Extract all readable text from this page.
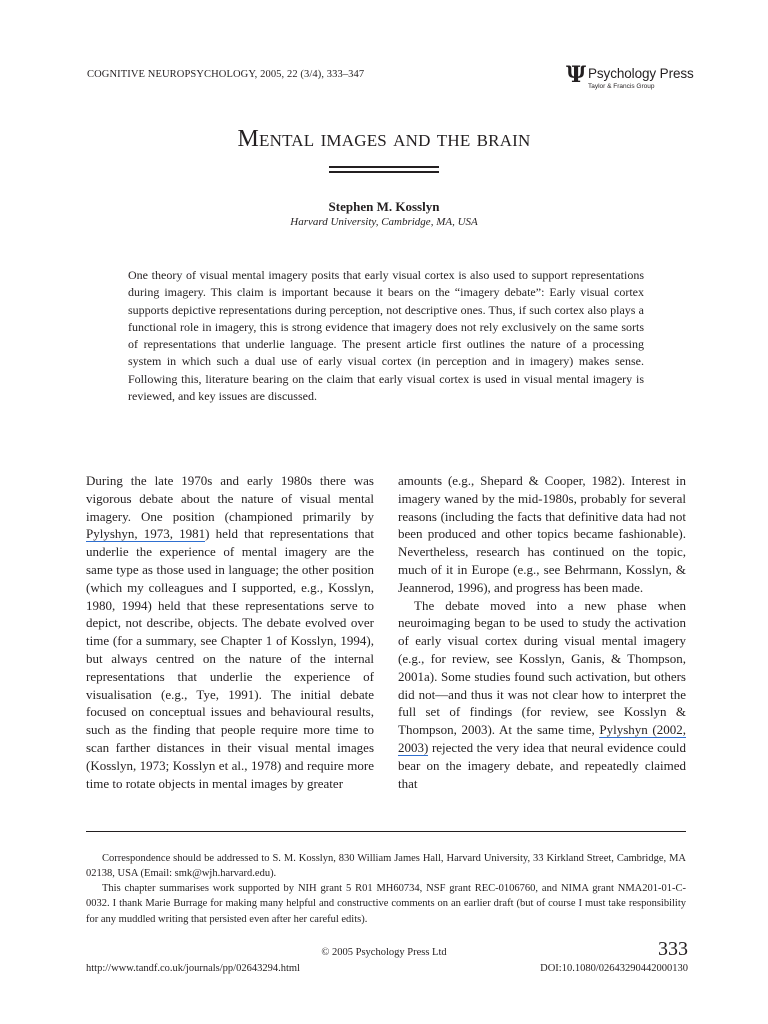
COGNITIVE NEUROPSYCHOLOGY, 2005, 22 (3/4), 333–347	Ψ Psychology Press
Taylor & Francis Group
Mental images and the brain
Stephen M. Kosslyn
Harvard University, Cambridge, MA, USA
One theory of visual mental imagery posits that early visual cortex is also used to support representations during imagery. This claim is important because it bears on the “imagery debate”: Early visual cortex supports depictive representations during perception, not descriptive ones. Thus, if such cortex also plays a functional role in imagery, this is strong evidence that imagery does not rely exclusively on the same sorts of representations that underlie language. The present article first outlines the nature of a processing system in which such a dual use of early visual cortex (in perception and in imagery) makes sense. Following this, literature bearing on the claim that early visual cortex is used in visual mental imagery is reviewed, and key issues are discussed.

During the late 1970s and early 1980s there was vigorous debate about the nature of visual mental imagery. One position (championed primarily by Pylyshyn, 1973, 1981) held that representations that underlie the experience of mental imagery are the same type as those used in language; the other position (which my colleagues and I supported, e.g., Kosslyn, 1980, 1994) held that these representations serve to depict, not describe, objects. The debate evolved over time (for a summary, see Chapter 1 of Kosslyn, 1994), but always centred on the nature of the internal representations that underlie the experience of visualisation (e.g., Tye, 1991). The initial debate focused on conceptual issues and behavioural results, such as the finding that people require more time to scan farther distances in their visual mental images (Kosslyn, 1973; Kosslyn et al., 1978) and require more time to rotate objects in mental images by greater

amounts (e.g., Shepard & Cooper, 1982). Interest in imagery waned by the mid-1980s, probably for several reasons (including the facts that definitive data had not been produced and other topics became fashionable). Nevertheless, research has continued on the topic, much of it in Europe (e.g., see Behrmann, Kosslyn, & Jeannerod, 1996), and progress has been made.

The debate moved into a new phase when neuroimaging began to be used to study the activation of early visual cortex during visual mental imagery (e.g., for review, see Kosslyn, Ganis, & Thompson, 2001a). Some studies found such activation, but others did not—and thus it was not clear how to interpret the full set of findings (for review, see Kosslyn & Thompson, 2003). At the same time, Pylyshyn (2002, 2003) rejected the very idea that neural evidence could bear on the imagery debate, and repeatedly claimed that

Correspondence should be addressed to S. M. Kosslyn, 830 William James Hall, Harvard University, 33 Kirkland Street, Cambridge, MA 02138, USA (Email: smk@wjh.harvard.edu).
This chapter summarises work supported by NIH grant 5 R01 MH60734, NSF grant REC-0106760, and NIMA grant NMA201-01-C-0032. I thank Marie Burrage for making many helpful and constructive comments on an earlier draft (but of course I must take responsibility for any muddled writing that persisted even after her careful edits).
© 2005 Psychology Press Ltd	333
http://www.tandf.co.uk/journals/pp/02643294.html	DOI:10.1080/02643290442000130
